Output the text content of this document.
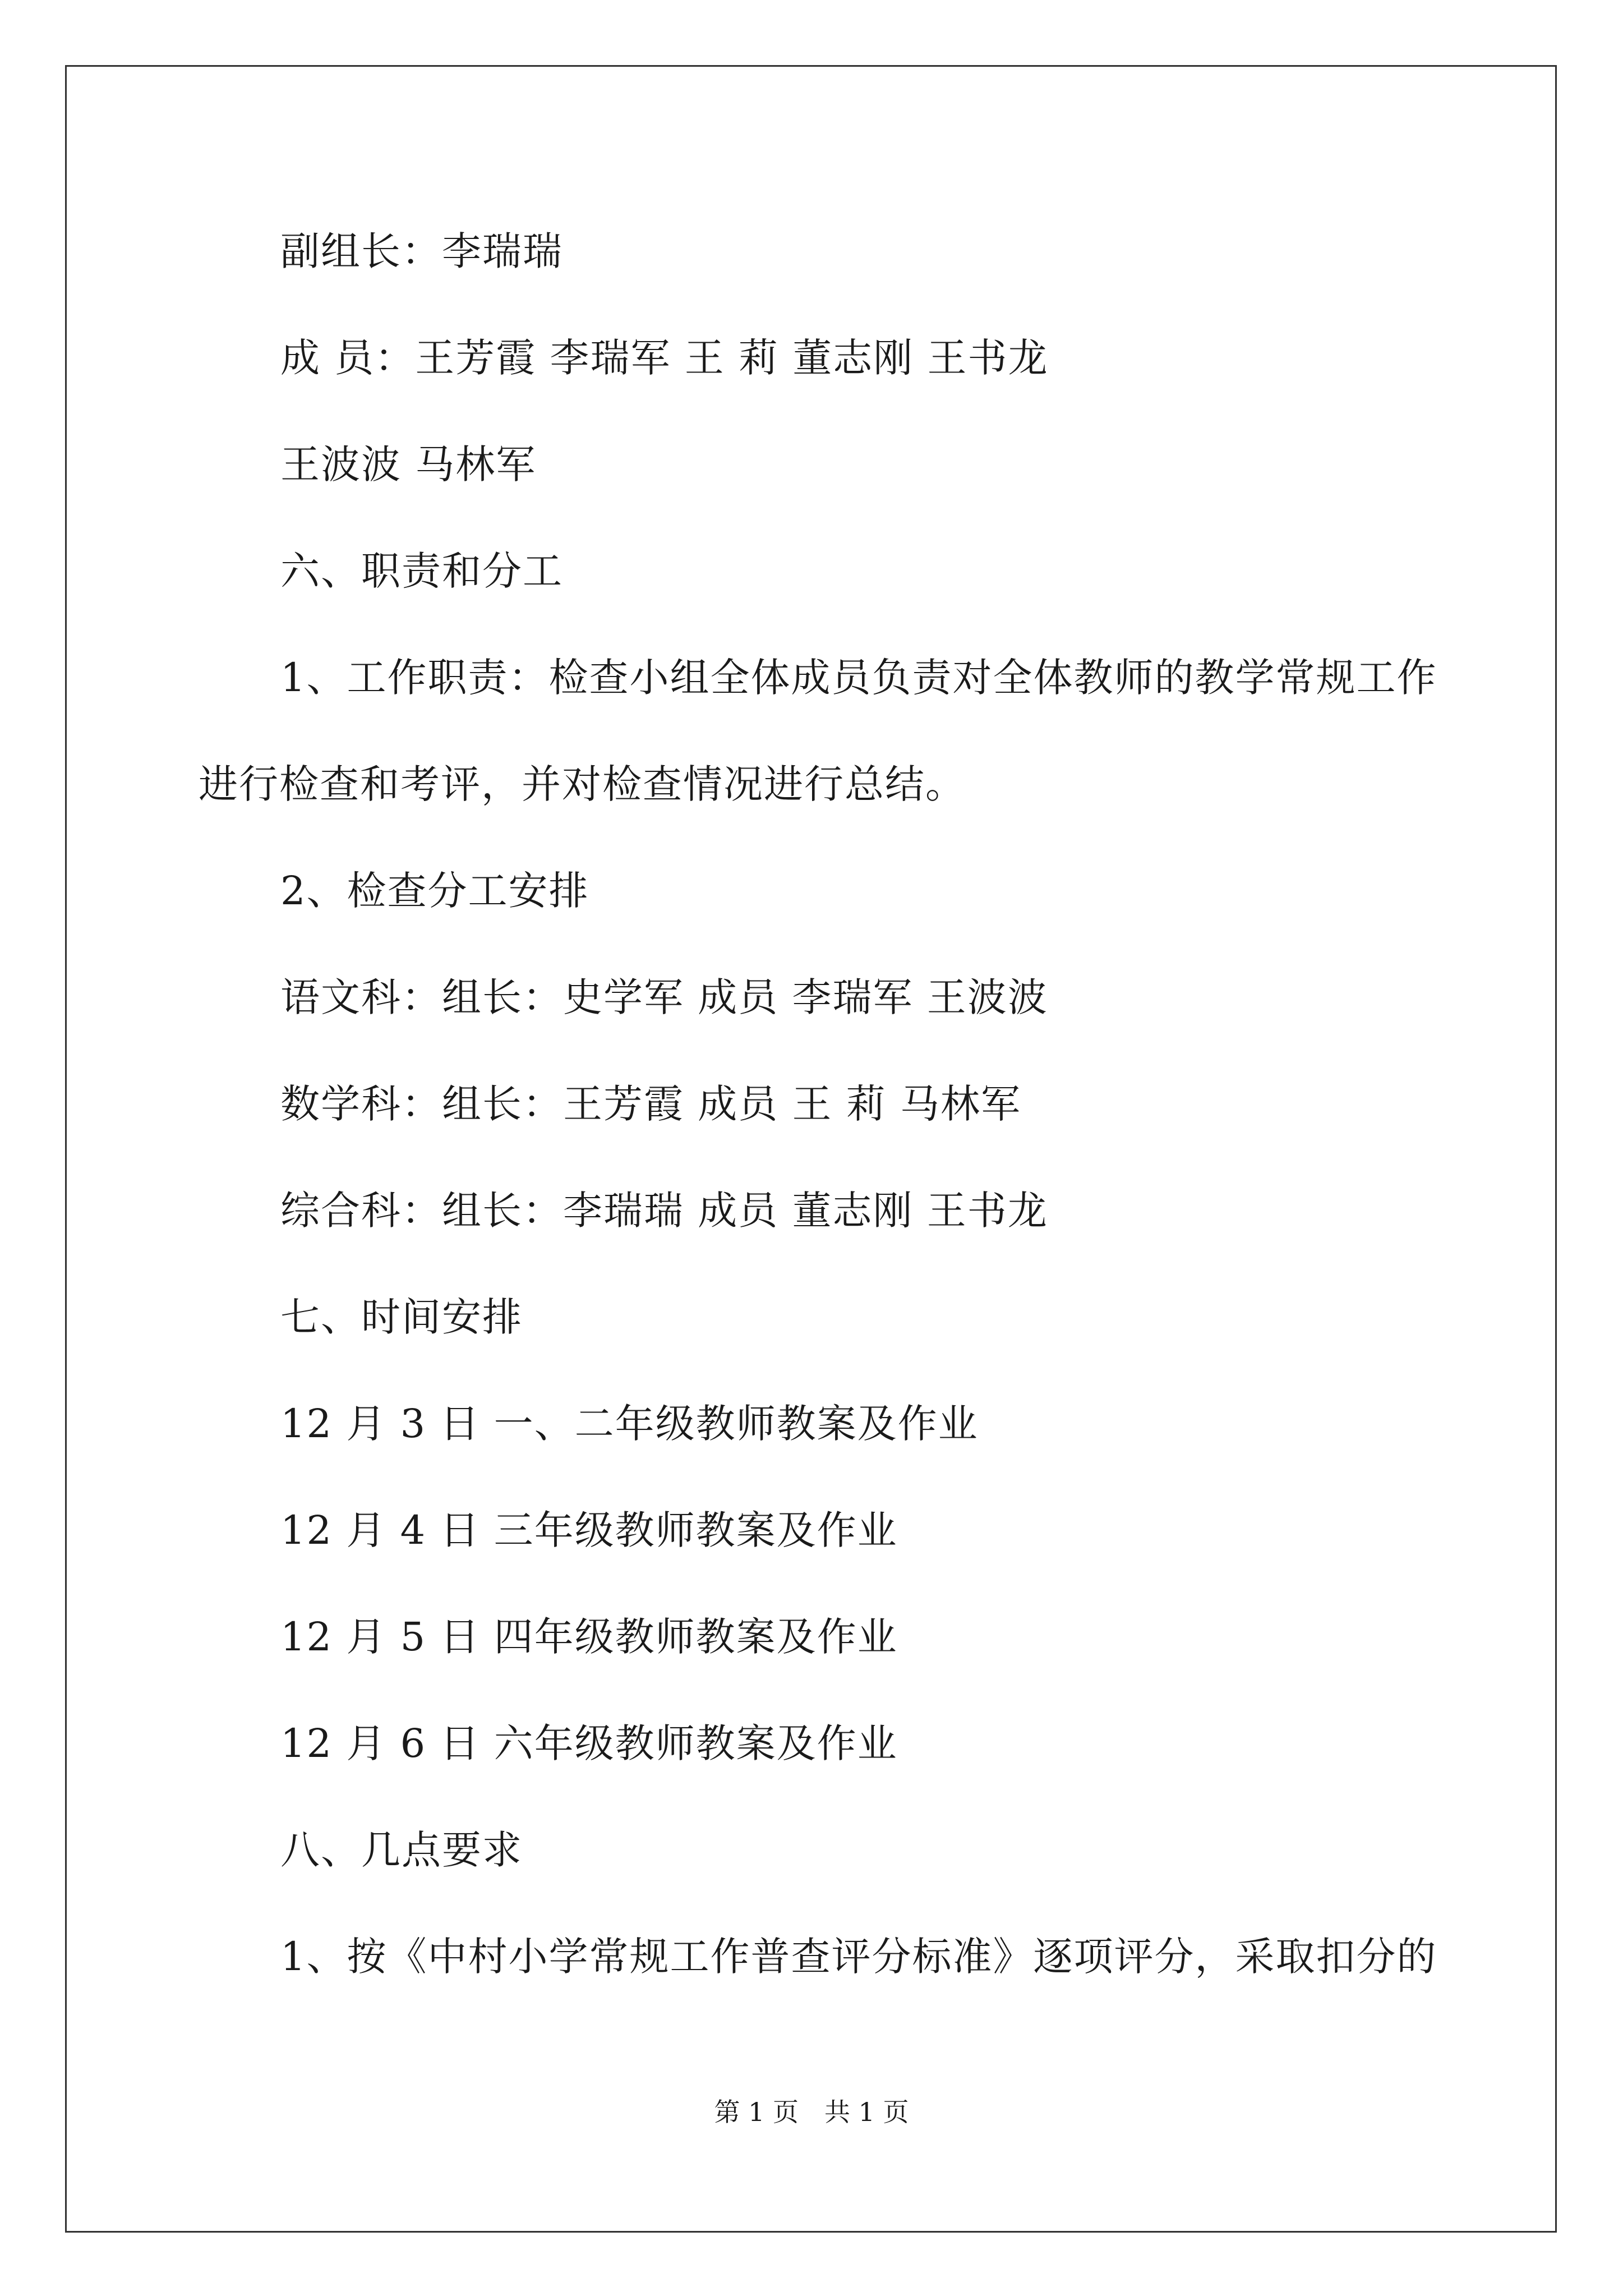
副组长：李瑞瑞
成 员：王芳霞 李瑞军 王 莉 董志刚 王书龙
王波波 马林军
六、职责和分工
1、工作职责：检查小组全体成员负责对全体教师的教学常规工作
进行检查和考评，并对检查情况进行总结。
2、检查分工安排
语文科：组长：史学军 成员 李瑞军 王波波
数学科：组长：王芳霞 成员 王 莉 马林军
综合科：组长：李瑞瑞 成员 董志刚 王书龙
七、时间安排
12 月 3 日 一、二年级教师教案及作业
12 月 4 日 三年级教师教案及作业
12 月 5 日 四年级教师教案及作业
12 月 6 日 六年级教师教案及作业
八、几点要求
1、按《中村小学常规工作普查评分标准》逐项评分，采取扣分的
第 1 页　共 1 页
